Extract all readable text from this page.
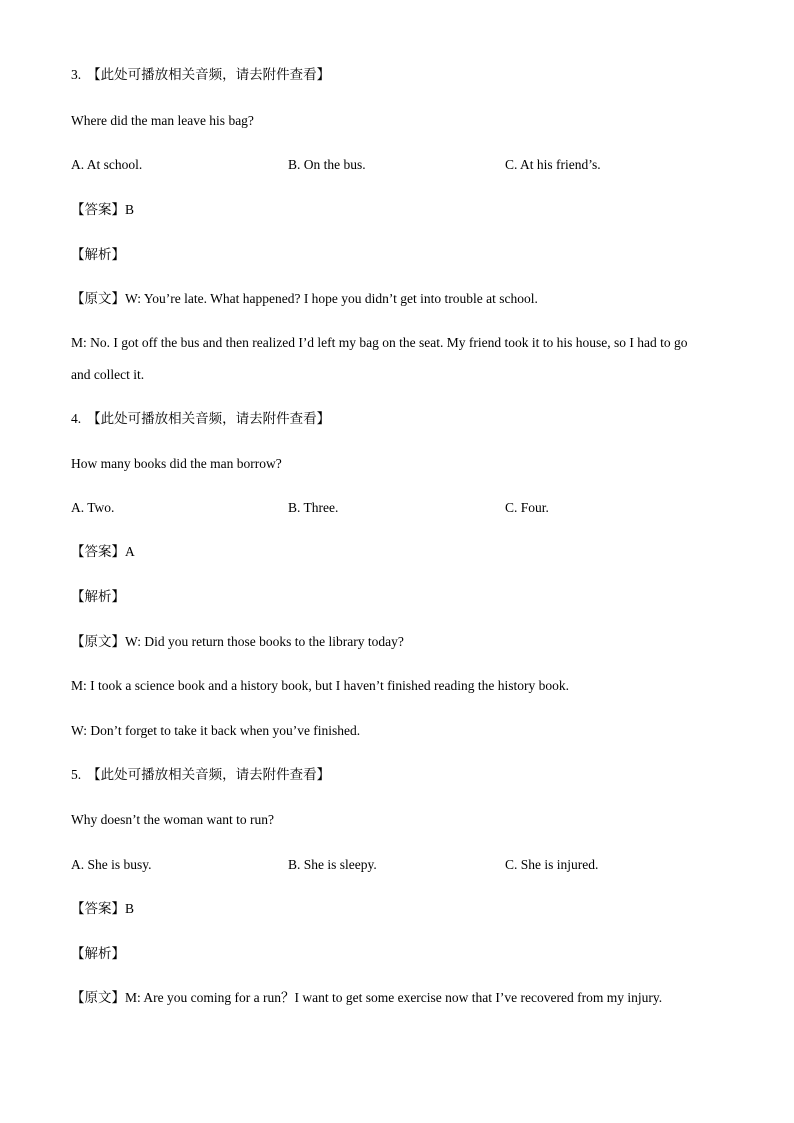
3. 【此处可播放相关音频，请去附件查看】
Where did the man leave his bag?
A. At school.	B. On the bus.	C. At his friend’s.
【答案】B
【解析】
【原文】W: You’re late. What happened? I hope you didn’t get into trouble at school.
M: No. I got off the bus and then realized I’d left my bag on the seat. My friend took it to his house, so I had to go
and collect it.
4. 【此处可播放相关音频，请去附件查看】
How many books did the man borrow?
A. Two.	B. Three.	C. Four.
【答案】A
【解析】
【原文】W: Did you return those books to the library today?
M: I took a science book and a history book, but I haven’t finished reading the history book.
W: Don’t forget to take it back when you’ve finished.
5. 【此处可播放相关音频，请去附件查看】
Why doesn’t the woman want to run?
A. She is busy.	B. She is sleepy.	C. She is injured.
【答案】B
【解析】
【原文】M: Are you coming for a run？I want to get some exercise now that I’ve recovered from my injury.
